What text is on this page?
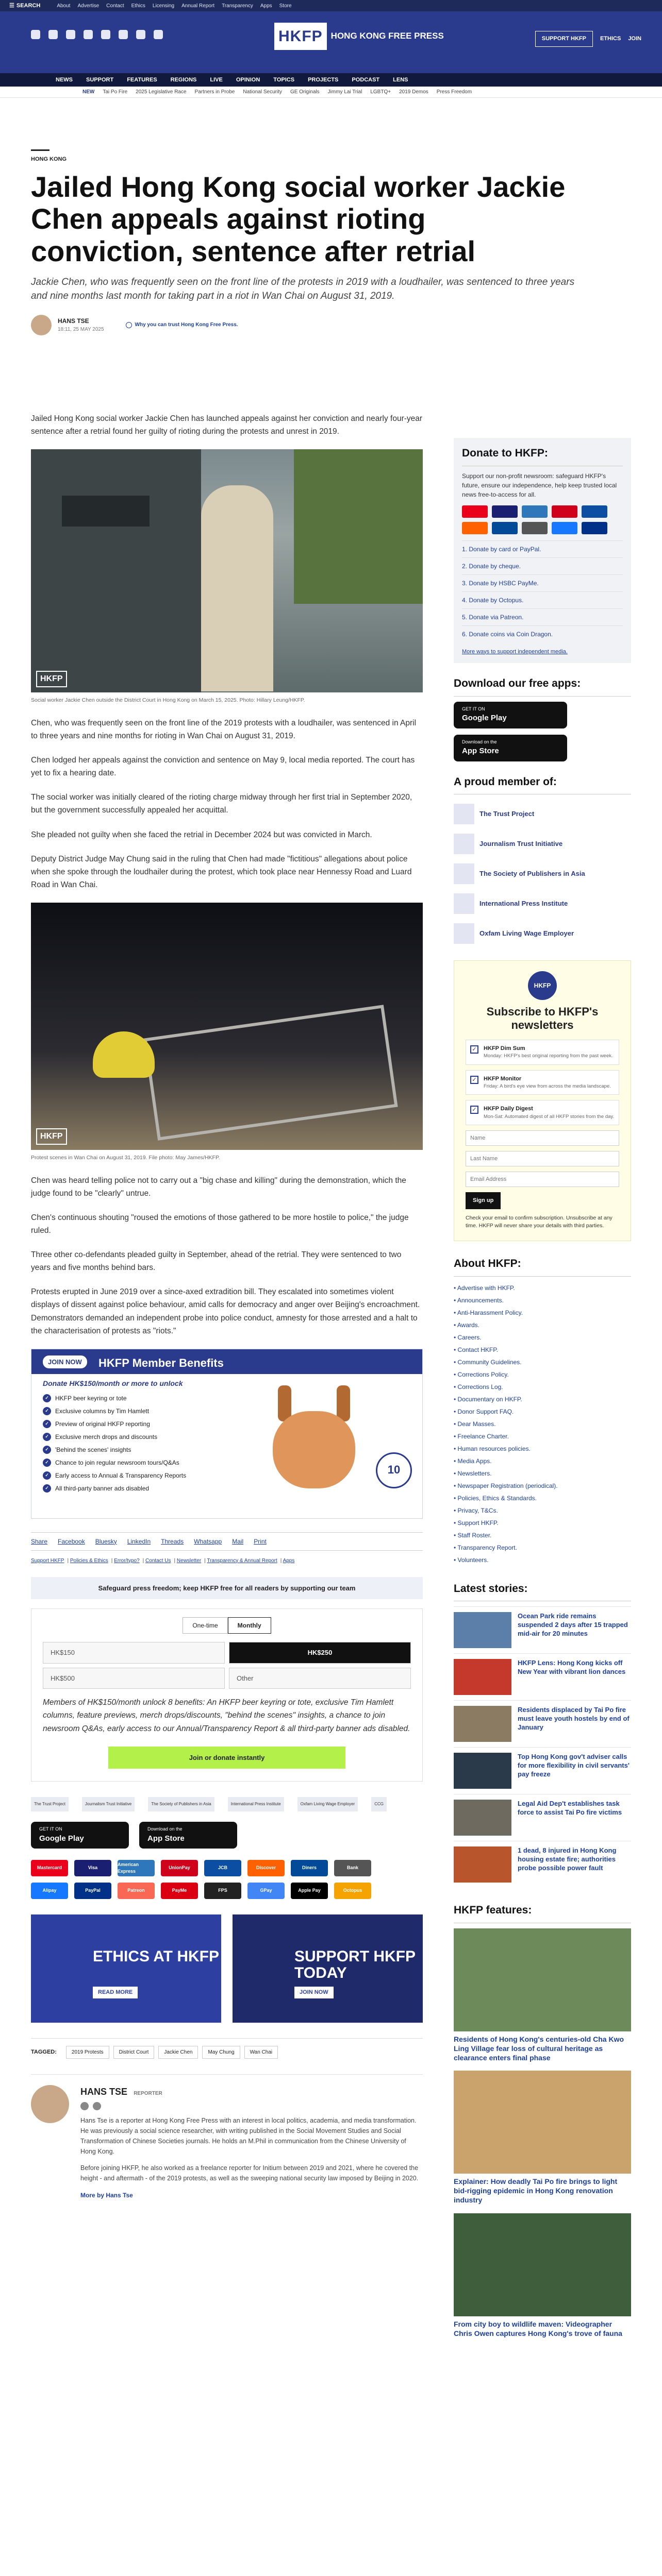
☰ SEARCH	About Advertise Contact Ethics Licensing Annual Report Transparency Apps Store
HKFP HONG KONG FREE PRESS	SUPPORT HKFP	ETHICS JOIN
NEWS SUPPORT FEATURES REGIONS LIVE OPINION TOPICS PROJECTS PODCAST LENS
NEW Tai Po Fire 2025 Legislative Race Partners in Probe National Security GE Originals Jimmy Lai Trial LGBTQ+ 2019 Demos Press Freedom
HONG KONG
Jailed Hong Kong social worker Jackie Chen appeals against rioting conviction, sentence after retrial

Jackie Chen, who was frequently seen on the front line of the protests in 2019 with a loudhailer, was sentenced to three years and nine months last month for taking part in a riot in Wan Chai on August 31, 2019.

HANS TSE
18:11, 25 MAY 2025
Why you can trust Hong Kong Free Press.

Jailed Hong Kong social worker Jackie Chen has launched appeals against her conviction and nearly four-year sentence after a retrial found her guilty of rioting during the protests and unrest in 2019.

HKFP
Social worker Jackie Chen outside the District Court in Hong Kong on March 15, 2025. Photo: Hillary Leung/HKFP.

Chen, who was frequently seen on the front line of the 2019 protests with a loudhailer, was sentenced in April to three years and nine months for rioting in Wan Chai on August 31, 2019.

Chen lodged her appeals against the conviction and sentence on May 9, local media reported. The court has yet to fix a hearing date.

The social worker was initially cleared of the rioting charge midway through her first trial in September 2020, but the government successfully appealed her acquittal.

She pleaded not guilty when she faced the retrial in December 2024 but was convicted in March.

Deputy District Judge May Chung said in the ruling that Chen had made "fictitious" allegations about police when she spoke through the loudhailer during the protest, which took place near Hennessy Road and Luard Road in Wan Chai.

HKFP
Protest scenes in Wan Chai on August 31, 2019. File photo: May James/HKFP.

Chen was heard telling police not to carry out a "big chase and killing" during the demonstration, which the judge found to be "clearly" untrue.

Chen's continuous shouting "roused the emotions of those gathered to be more hostile to police," the judge ruled.

Three other co-defendants pleaded guilty in September, ahead of the retrial. They were sentenced to two years and five months behind bars.

Protests erupted in June 2019 over a since-axed extradition bill. They escalated into sometimes violent displays of dissent against police behaviour, amid calls for democracy and anger over Beijing's encroachment. Demonstrators demanded an independent probe into police conduct, amnesty for those arrested and a halt to the characterisation of protests as "riots."

JOIN NOW	HKFP Member Benefits
Donate HK$150/month or more to unlock
✓	HKFP beer keyring or tote
✓	Exclusive columns by Tim Hamlett
✓	Preview of original HKFP reporting
✓	Exclusive merch drops and discounts
✓	'Behind the scenes' insights
✓	Chance to join regular newsroom tours/Q&As
✓	Early access to Annual & Transparency Reports
✓	All third-party banner ads disabled
10
Share Facebook Bluesky LinkedIn Threads Whatsapp Mail Print
Support HKFP | Policies & Ethics | Error/typo? | Contact Us | Newsletter | Transparency & Annual Report | Apps
Safeguard press freedom; keep HKFP free for all readers by supporting our team
One-time	Monthly
HK$150	HK$250
HK$500	Other

Members of HK$150/month unlock 8 benefits: An HKFP beer keyring or tote, exclusive Tim Hamlett columns, feature previews, merch drops/discounts, "behind the scenes" insights, a chance to join newsroom Q&As, early access to our Annual/Transparency Report & all third-party banner ads disabled.

Join or donate instantly
The Trust Project	Journalism Trust Initiative	The Society of Publishers in Asia	International Press Institute	Oxfam Living Wage Employer	CCG
GET IT ON
Google Play
Download on the
App Store
Mastercard	Visa
American Express
UnionPay	JCB	Discover	Diners	Bank
Alipay	PayPal	Patreon	PayMe	FPS	GPay	Apple Pay	Octopus
ETHICS AT HKFP
READ MORE
SUPPORT HKFP TODAY
JOIN NOW
TAGGED:	2019 Protests	District Court	Jackie Chen	May Chung	Wan Chai
HANS TSE REPORTER

Hans Tse is a reporter at Hong Kong Free Press with an interest in local politics, academia, and media transformation. He was previously a social science researcher, with writing published in the Social Movement Studies and Social Transformation of Chinese Societies journals. He holds an M.Phil in communication from the Chinese University of Hong Kong.

Before joining HKFP, he also worked as a freelance reporter for Initium between 2019 and 2021, where he covered the height - and aftermath - of the 2019 protests, as well as the sweeping national security law imposed by Beijing in 2020.

More by Hans Tse
Donate to HKFP:

Support our non-profit newsroom: safeguard HKFP's future, ensure our independence, help keep trusted local news free-to-access for all.

1. Donate by card or PayPal.
2. Donate by cheque.
3. Donate by HSBC PayMe.
4. Donate by Octopus.
5. Donate via Patreon.
6. Donate coins via Coin Dragon.
More ways to support independent media.
Download our free apps:
GET IT ON
Google Play
Download on the
App Store
A proud member of:
The Trust Project
Journalism Trust Initiative
The Society of Publishers in Asia
International Press Institute
Oxfam Living Wage Employer
HKFP
Subscribe to HKFP's newsletters
✓	HKFP Dim Sum
Monday: HKFP's best original reporting from the past week.
✓	HKFP Monitor
Friday: A bird's eye view from across the media landscape.
✓	HKFP Daily Digest
Mon-Sat: Automated digest of all HKFP stories from the day.
Name
Last Name
Email Address Sign up

Check your email to confirm subscription. Unsubscribe at any time. HKFP will never share your details with third parties.

About HKFP:
• Advertise with HKFP.
• Announcements.
• Anti-Harassment Policy.
• Awards.
• Careers.
• Contact HKFP.
• Community Guidelines.
• Corrections Policy.
• Corrections Log.
• Documentary on HKFP.
• Donor Support FAQ.
• Dear Masses.
• Freelance Charter.
• Human resources policies.
• Media Apps.
• Newsletters.
• Newspaper Registration (periodical).
• Policies, Ethics & Standards.
• Privacy, T&Cs.
• Support HKFP.
• Staff Roster.
• Transparency Report.
• Volunteers.
Latest stories:
Ocean Park ride remains suspended 2 days after 15 trapped mid-air for 20 minutes
HKFP Lens: Hong Kong kicks off New Year with vibrant lion dances
Residents displaced by Tai Po fire must leave youth hostels by end of January
Top Hong Kong gov't adviser calls for more flexibility in civil servants' pay freeze
Legal Aid Dep't establishes task force to assist Tai Po fire victims
1 dead, 8 injured in Hong Kong housing estate fire; authorities probe possible power fault
HKFP features:
Residents of Hong Kong's centuries-old Cha Kwo Ling Village fear loss of cultural heritage as clearance enters final phase
Explainer: How deadly Tai Po fire brings to light bid-rigging epidemic in Hong Kong renovation industry
From city boy to wildlife maven: Videographer Chris Owen captures Hong Kong's trove of fauna
